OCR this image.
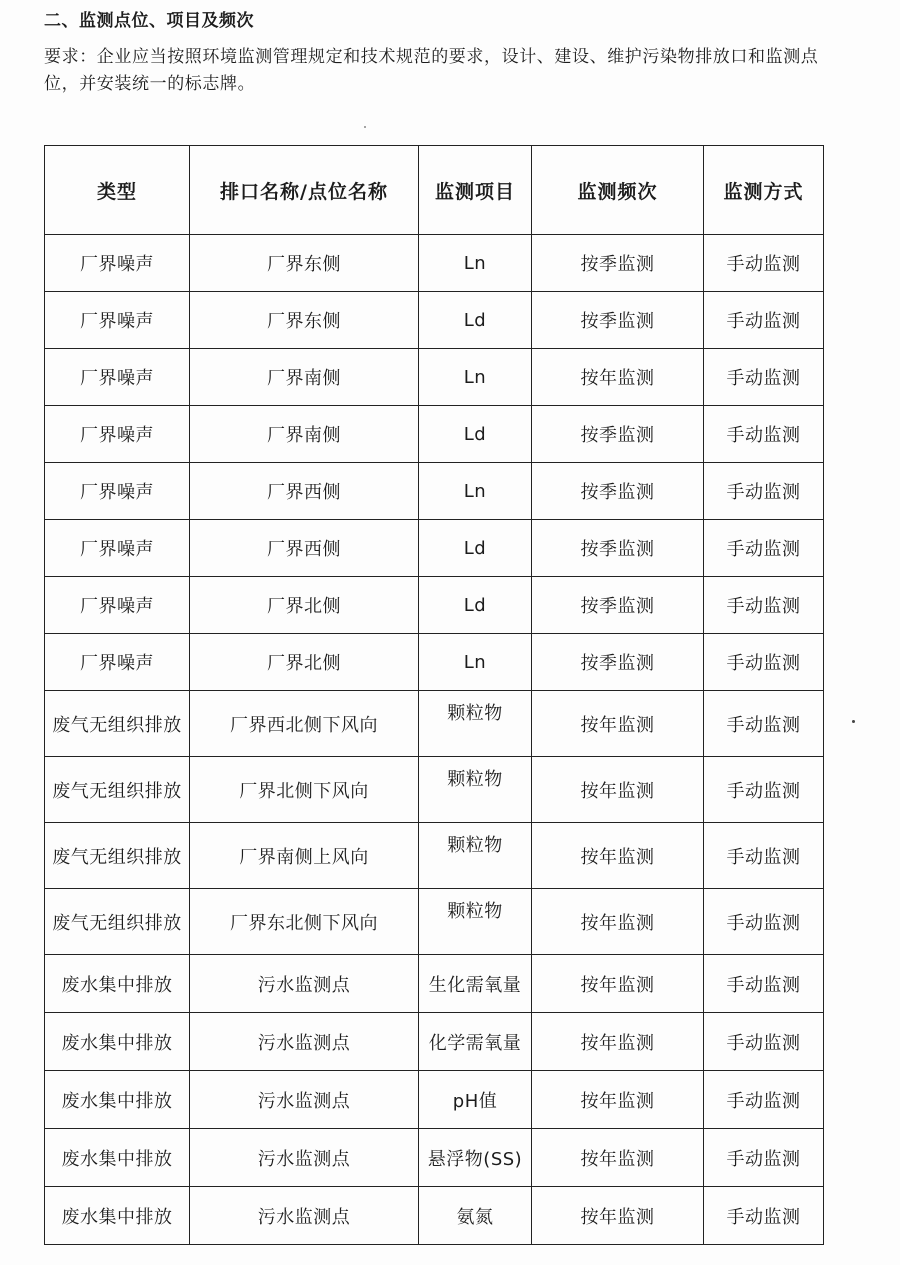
二、监测点位、项目及频次
要求：企业应当按照环境监测管理规定和技术规范的要求，设计、建设、维护污染物排放口和监测点位，并安装统一的标志牌。
类型	排口名称/点位名称	监测项目	监测频次	监测方式
厂界噪声	厂界东侧	Ln	按季监测	手动监测
厂界噪声	厂界东侧	Ld	按季监测	手动监测
厂界噪声	厂界南侧	Ln	按年监测	手动监测
厂界噪声	厂界南侧	Ld	按季监测	手动监测
厂界噪声	厂界西侧	Ln	按季监测	手动监测
厂界噪声	厂界西侧	Ld	按季监测	手动监测
厂界噪声	厂界北侧	Ld	按季监测	手动监测
厂界噪声	厂界北侧	Ln	按季监测	手动监测
废气无组织排放	厂界西北侧下风向	颗粒物	按年监测	手动监测
废气无组织排放	厂界北侧下风向	颗粒物	按年监测	手动监测
废气无组织排放	厂界南侧上风向	颗粒物	按年监测	手动监测
废气无组织排放	厂界东北侧下风向	颗粒物	按年监测	手动监测
废水集中排放	污水监测点	生化需氧量	按年监测	手动监测
废水集中排放	污水监测点	化学需氧量	按年监测	手动监测
废水集中排放	污水监测点	pH值	按年监测	手动监测
废水集中排放	污水监测点	悬浮物(SS)	按年监测	手动监测
废水集中排放	污水监测点	氨氮	按年监测	手动监测
